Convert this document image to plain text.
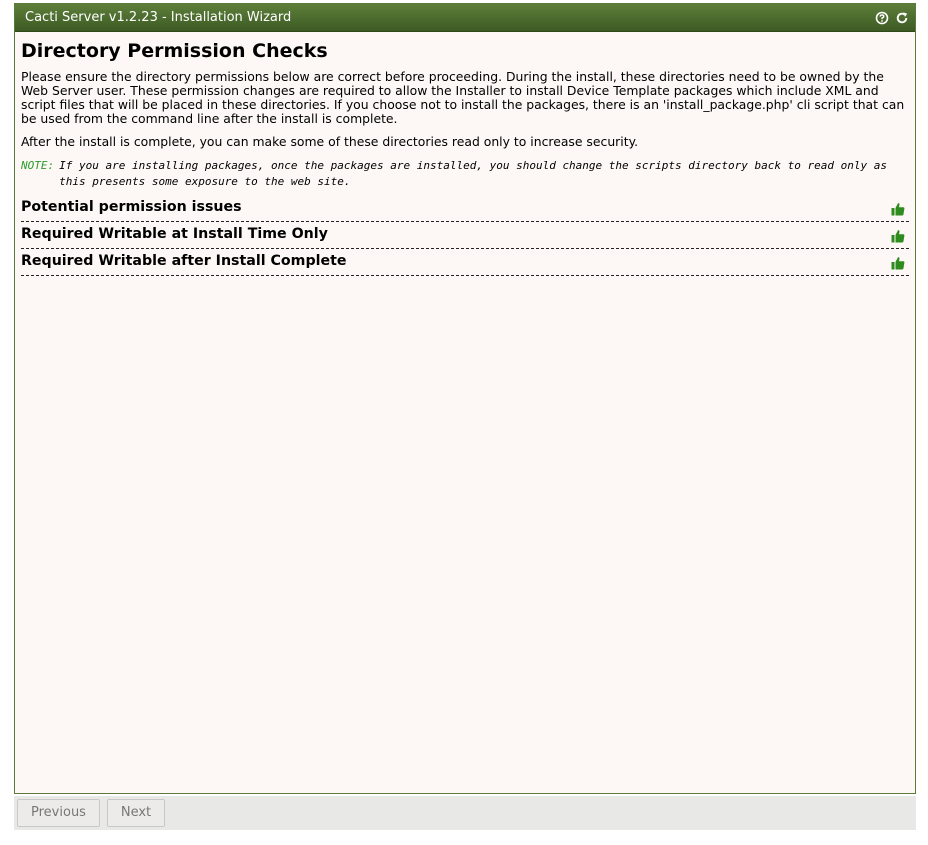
Cacti Server v1.2.23 - Installation Wizard
Directory Permission Checks

Please ensure the directory permissions below are correct before proceeding. During the install, these directories need to be owned by the Web Server user. These permission changes are required to allow the Installer to install Device Template packages which include XML and script files that will be placed in these directories. If you choose not to install the packages, there is an 'install_package.php' cli script that can be used from the command line after the install is complete.

After the install is complete, you can make some of these directories read only to increase security.

NOTE: If you are installing packages, once the packages are installed, you should change the scripts directory back to read only as this presents some exposure to the web site.
Potential permission issues
Required Writable at Install Time Only
Required Writable after Install Complete
Previous	Next
